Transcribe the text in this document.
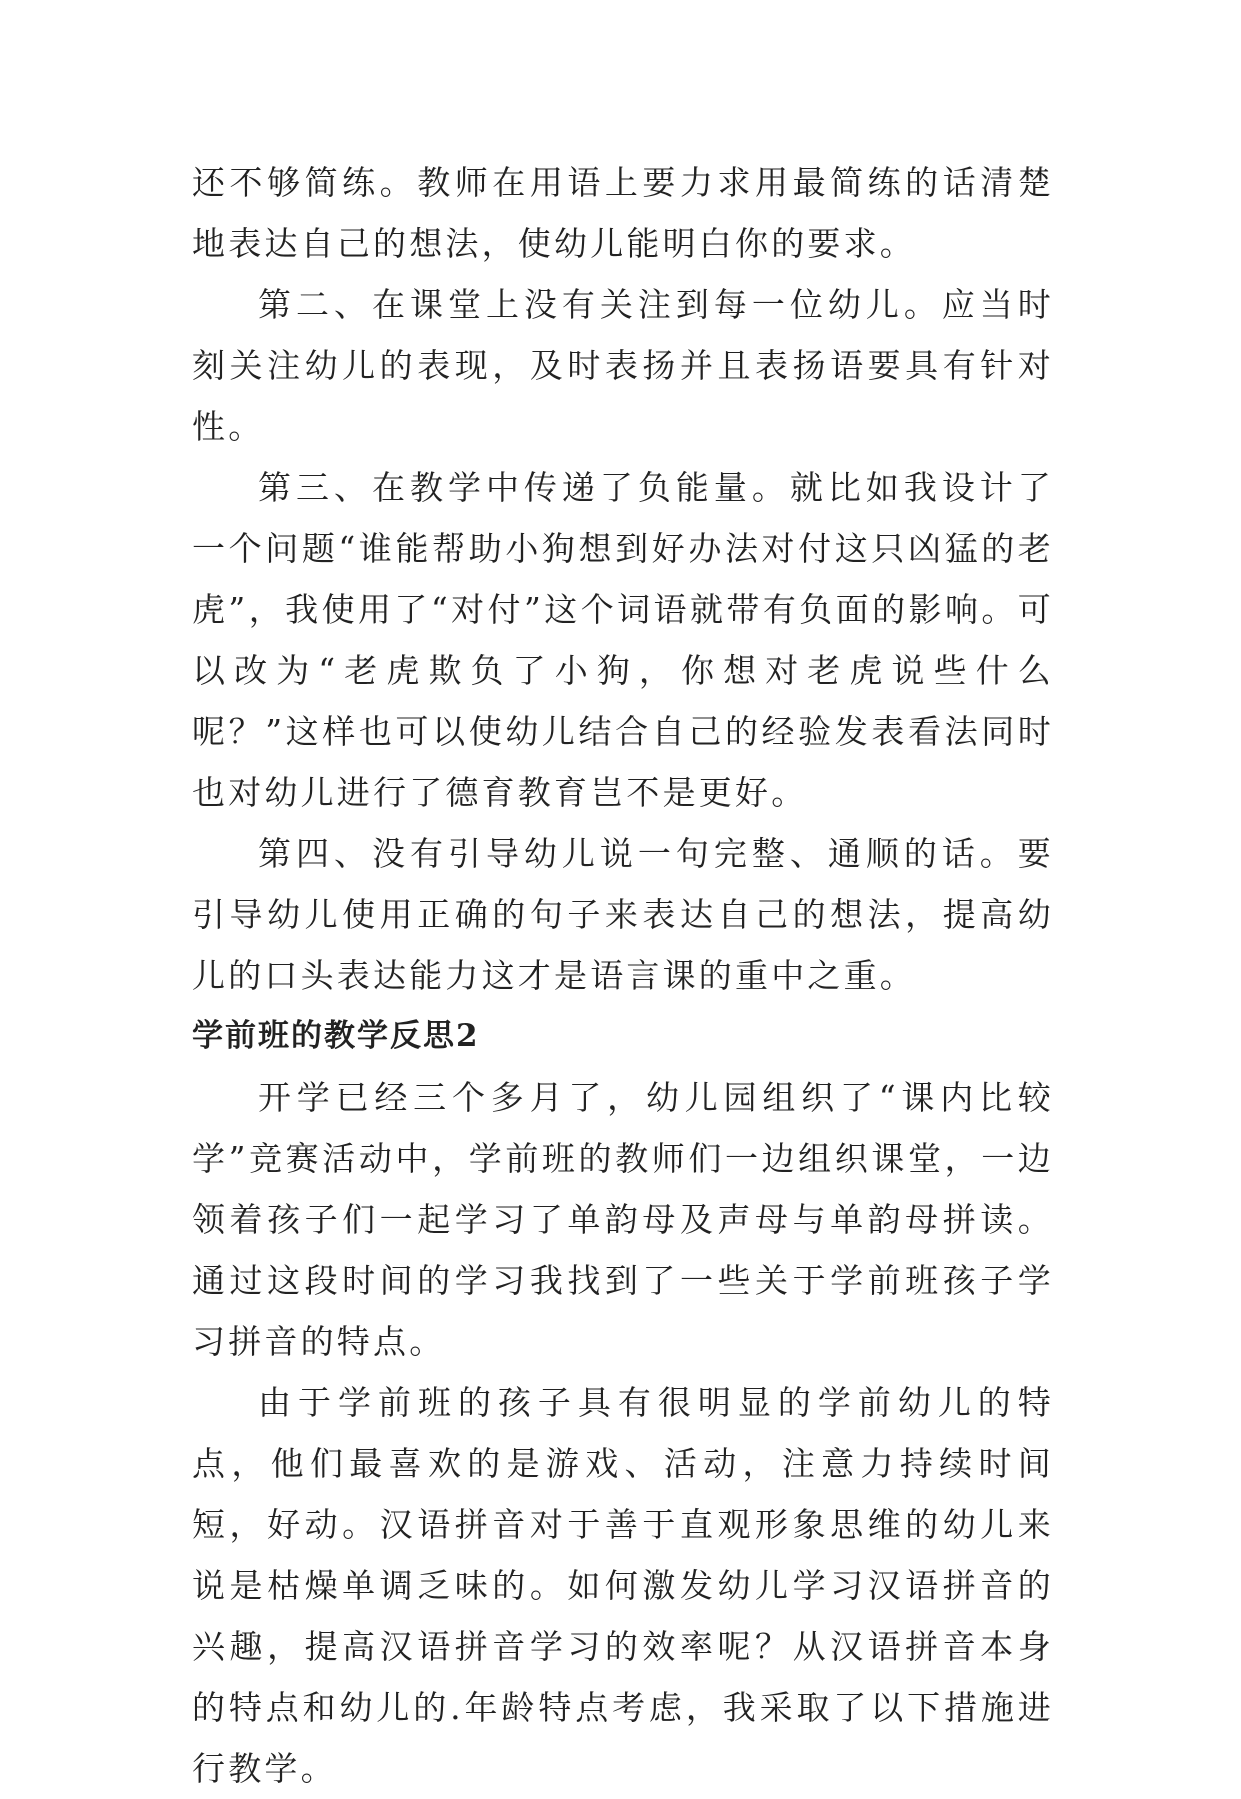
还不够简练。教师在用语上要力求用最简练的话清楚地表达自己的想法，使幼儿能明白你的要求。

第二、在课堂上没有关注到每一位幼儿。应当时刻关注幼儿的表现，及时表扬并且表扬语要具有针对性。

第三、在教学中传递了负能量。就比如我设计了一个问题“谁能帮助小狗想到好办法对付这只凶猛的老虎”，我使用了“对付”这个词语就带有负面的影响。可以改为“老虎欺负了小狗，你想对老虎说些什么呢？”这样也可以使幼儿结合自己的经验发表看法同时也对幼儿进行了德育教育岂不是更好。

第四、没有引导幼儿说一句完整、通顺的话。要引导幼儿使用正确的句子来表达自己的想法，提高幼儿的口头表达能力这才是语言课的重中之重。

学前班的教学反思2

开学已经三个多月了，幼儿园组织了“课内比较学”竞赛活动中，学前班的教师们一边组织课堂，一边领着孩子们一起学习了单韵母及声母与单韵母拼读。通过这段时间的学习我找到了一些关于学前班孩子学习拼音的特点。

由于学前班的孩子具有很明显的学前幼儿的特点，他们最喜欢的是游戏、活动，注意力持续时间短，好动。汉语拼音对于善于直观形象思维的幼儿来说是枯燥单调乏味的。如何激发幼儿学习汉语拼音的兴趣，提高汉语拼音学习的效率呢？从汉语拼音本身的特点和幼儿的.年龄特点考虑，我采取了以下措施进行教学。
